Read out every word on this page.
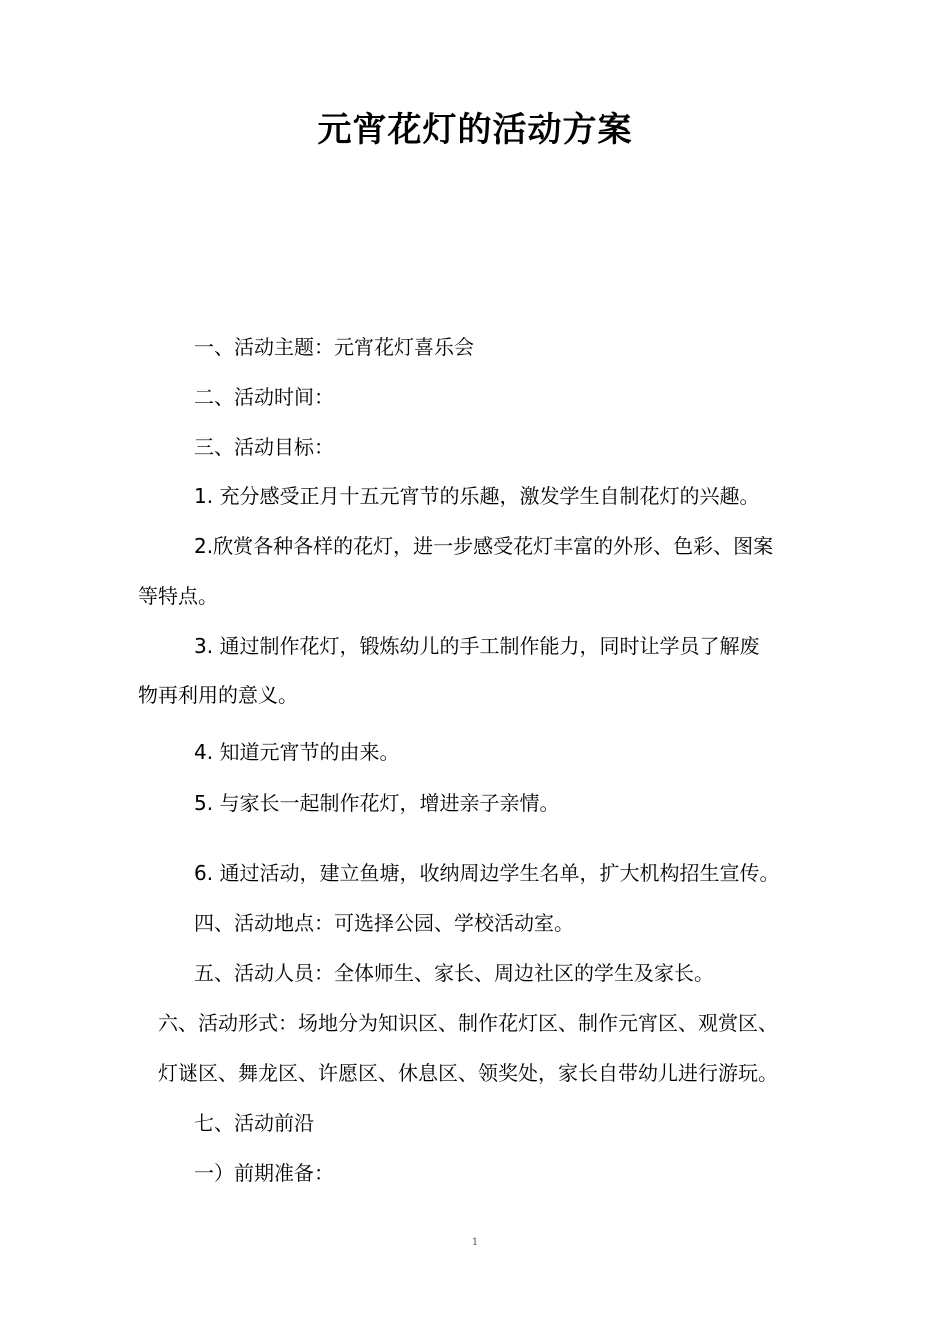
元宵花灯的活动方案
一、活动主题：元宵花灯喜乐会
二、活动时间：
三、活动目标：
1. 充分感受正月十五元宵节的乐趣，激发学生自制花灯的兴趣。
2.欣赏各种各样的花灯，进一步感受花灯丰富的外形、色彩、图案
等特点。
3. 通过制作花灯，锻炼幼儿的手工制作能力，同时让学员了解废
物再利用的意义。
4. 知道元宵节的由来。
5. 与家长一起制作花灯，增进亲子亲情。
6. 通过活动，建立鱼塘，收纳周边学生名单，扩大机构招生宣传。
四、活动地点：可选择公园、学校活动室。
五、活动人员：全体师生、家长、周边社区的学生及家长。
六、活动形式：场地分为知识区、制作花灯区、制作元宵区、观赏区、
灯谜区、舞龙区、许愿区、休息区、领奖处，家长自带幼儿进行游玩。
七、活动前沿
一）前期准备：
1
